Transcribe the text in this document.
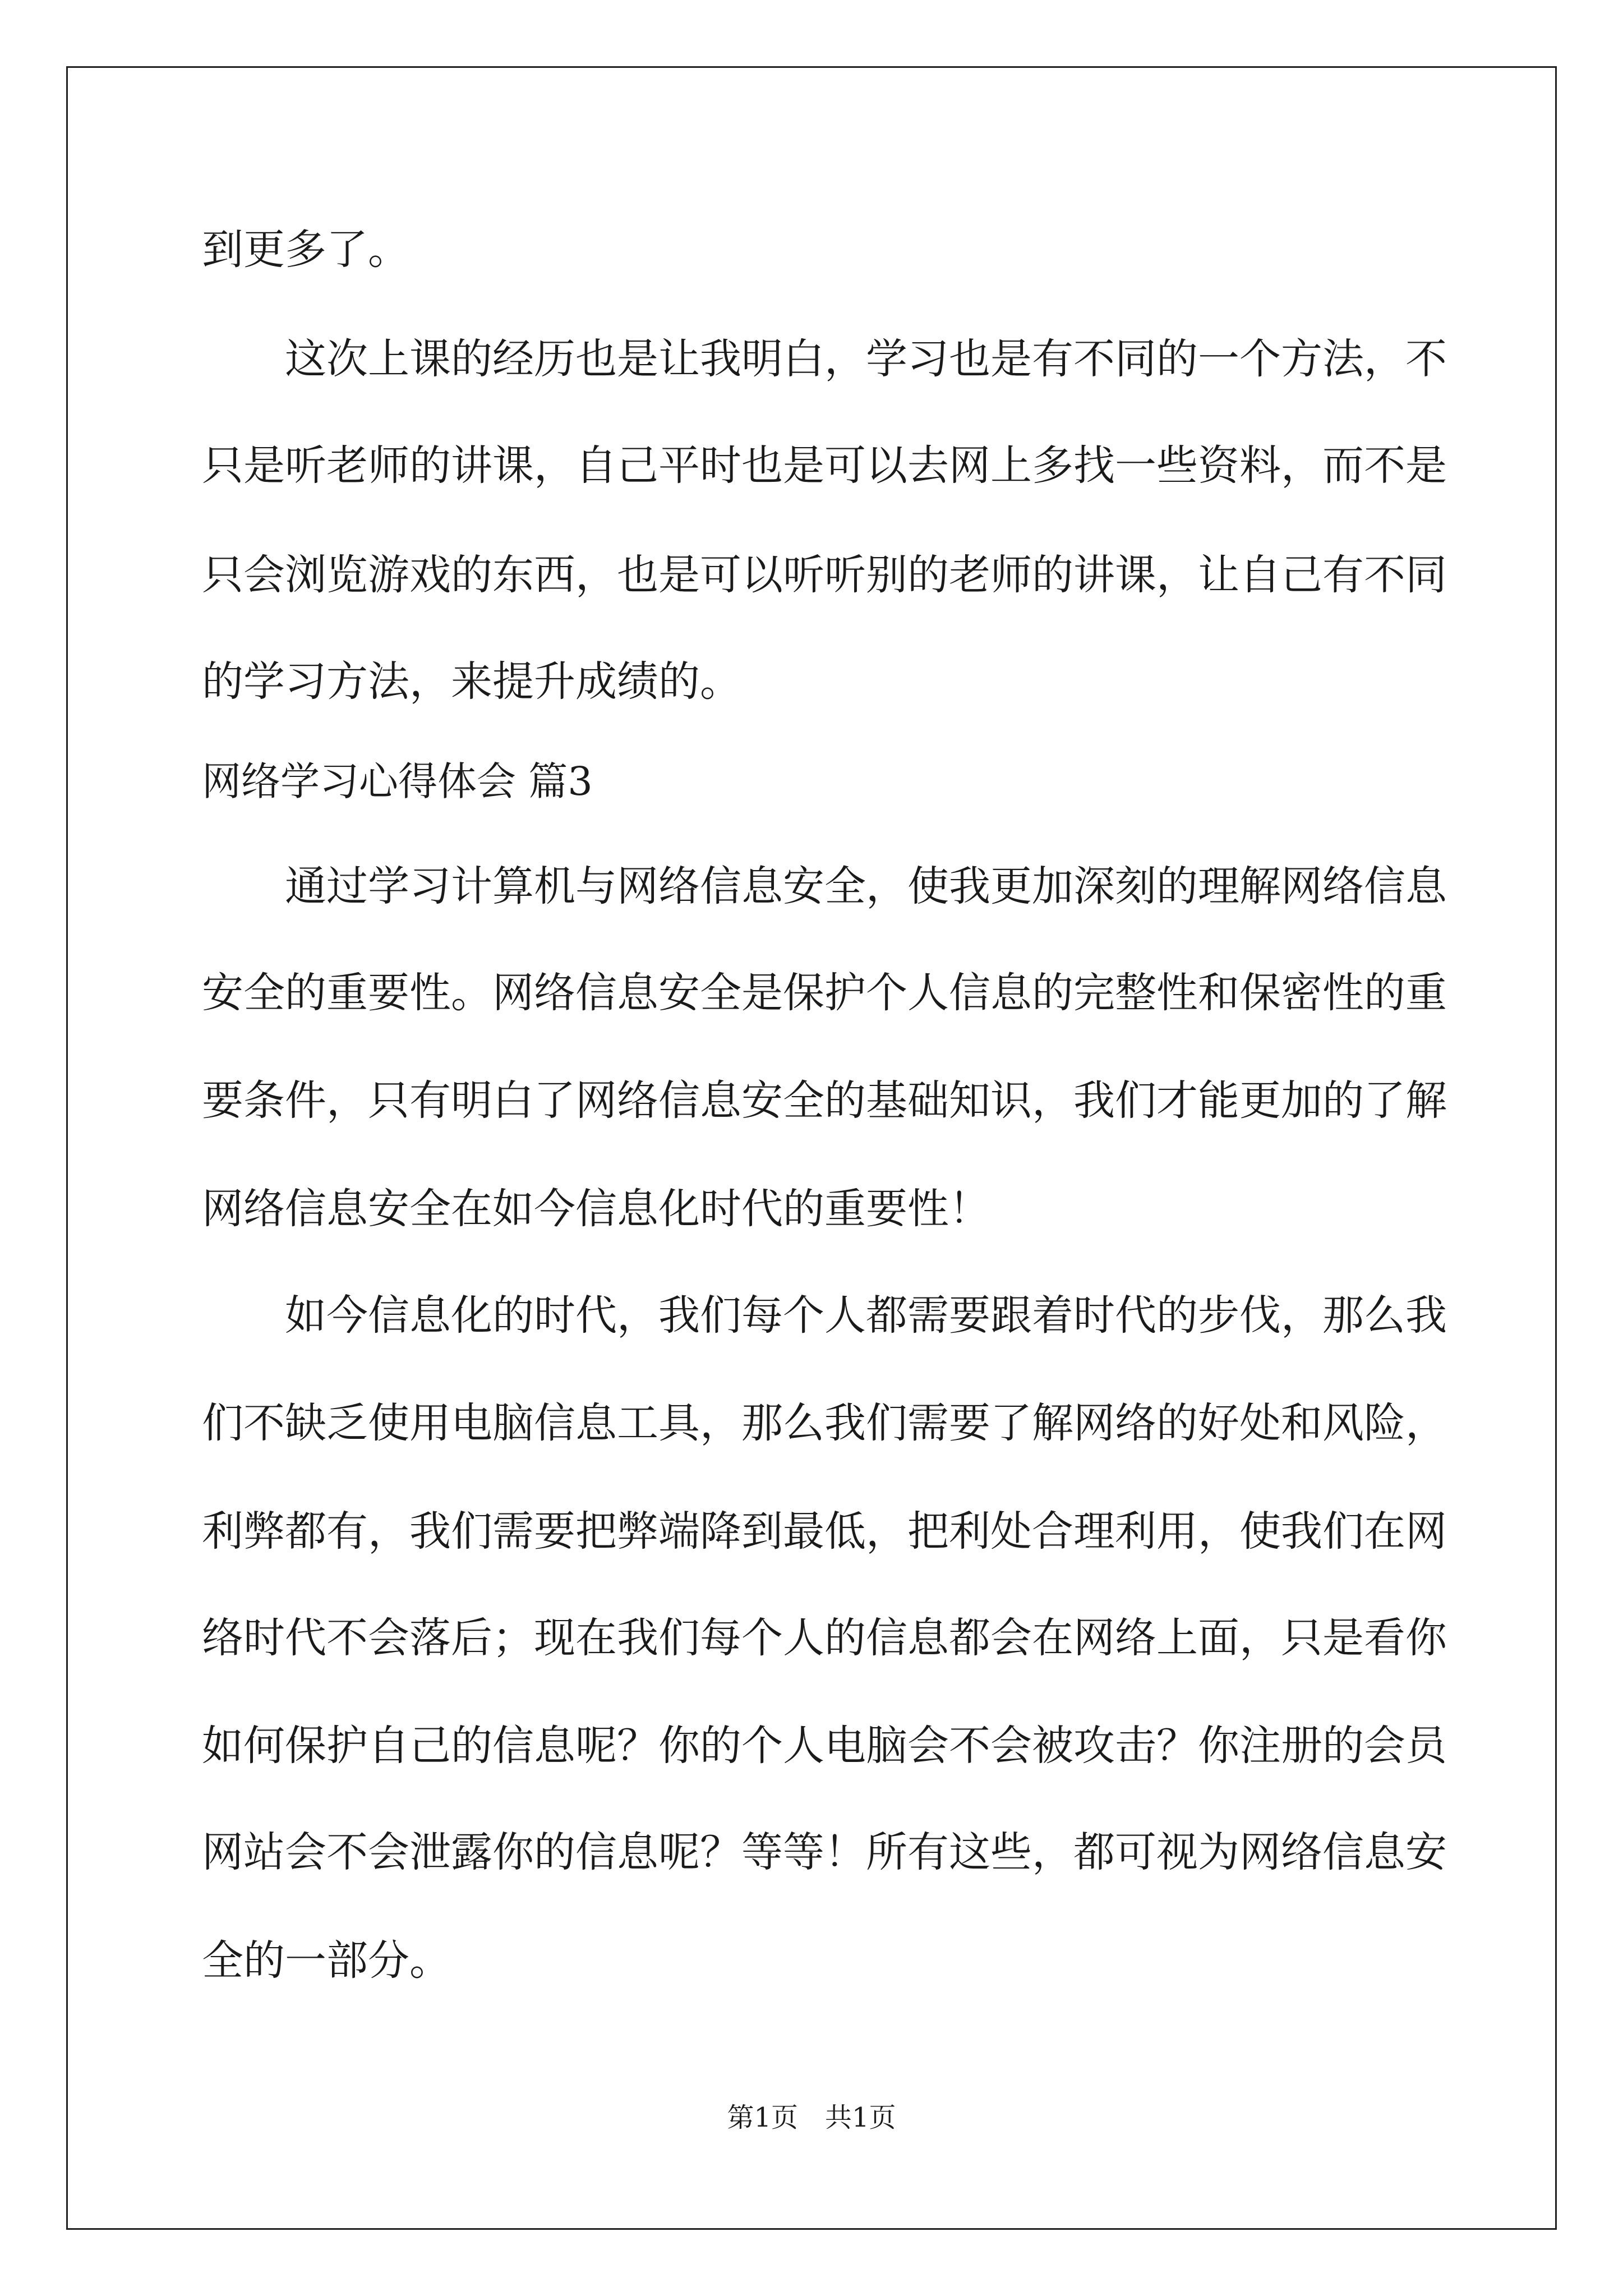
到更多了。
这次上课的经历也是让我明白，学习也是有不同的一个方法，不
只是听老师的讲课，自己平时也是可以去网上多找一些资料，而不是
只会浏览游戏的东西，也是可以听听别的老师的讲课，让自己有不同
的学习方法，来提升成绩的。
网络学习心得体会 篇3
通过学习计算机与网络信息安全，使我更加深刻的理解网络信息
安全的重要性。网络信息安全是保护个人信息的完整性和保密性的重
要条件，只有明白了网络信息安全的基础知识，我们才能更加的了解
网络信息安全在如今信息化时代的重要性！
如今信息化的时代，我们每个人都需要跟着时代的步伐，那么我
们不缺乏使用电脑信息工具，那么我们需要了解网络的好处和风险，
利弊都有，我们需要把弊端降到最低，把利处合理利用，使我们在网
络时代不会落后；现在我们每个人的信息都会在网络上面，只是看你
如何保护自己的信息呢？你的个人电脑会不会被攻击？你注册的会员
网站会不会泄露你的信息呢？等等！所有这些，都可视为网络信息安
全的一部分。
第1页　共1页
